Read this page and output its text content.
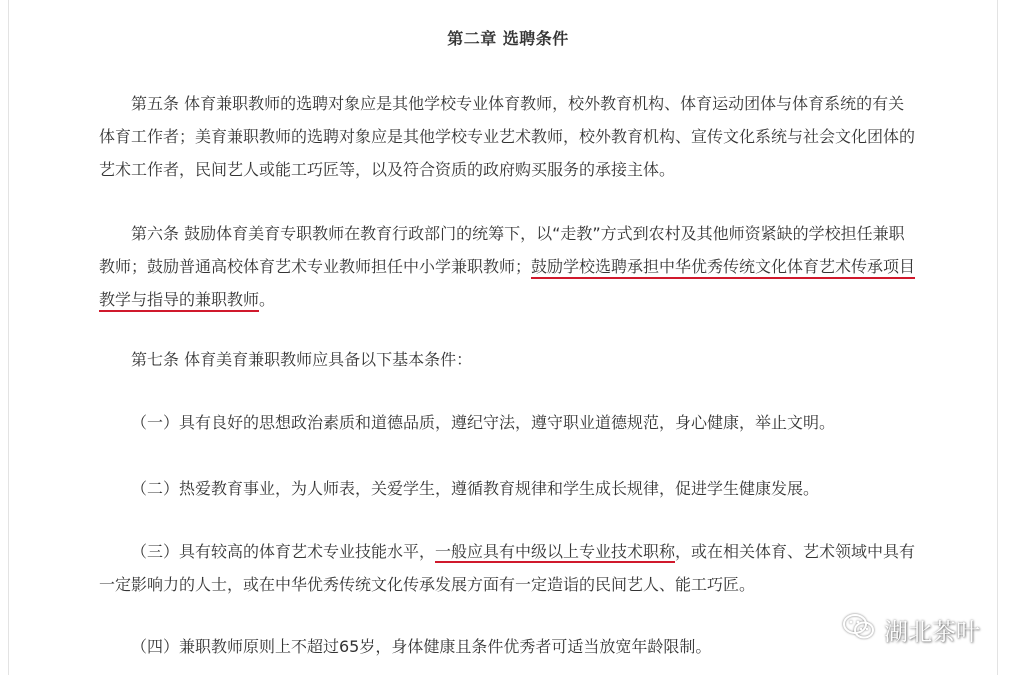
第二章 选聘条件

第五条 体育兼职教师的选聘对象应是其他学校专业体育教师，校外教育机构、体育运动团体与体育系统的有关体育工作者；美育兼职教师的选聘对象应是其他学校专业艺术教师，校外教育机构、宣传文化系统与社会文化团体的艺术工作者，民间艺人或能工巧匠等，以及符合资质的政府购买服务的承接主体。

第六条 鼓励体育美育专职教师在教育行政部门的统筹下，以“走教”方式到农村及其他师资紧缺的学校担任兼职教师；鼓励普通高校体育艺术专业教师担任中小学兼职教师；鼓励学校选聘承担中华优秀传统文化体育艺术传承项目教学与指导的兼职教师。

第七条 体育美育兼职教师应具备以下基本条件：

（一）具有良好的思想政治素质和道德品质，遵纪守法，遵守职业道德规范，身心健康，举止文明。

（二）热爱教育事业，为人师表，关爱学生，遵循教育规律和学生成长规律，促进学生健康发展。

（三）具有较高的体育艺术专业技能水平，一般应具有中级以上专业技术职称，或在相关体育、艺术领域中具有一定影响力的人士，或在中华优秀传统文化传承发展方面有一定造诣的民间艺人、能工巧匠。

（四）兼职教师原则上不超过65岁，身体健康且条件优秀者可适当放宽年龄限制。

湖北茶叶
